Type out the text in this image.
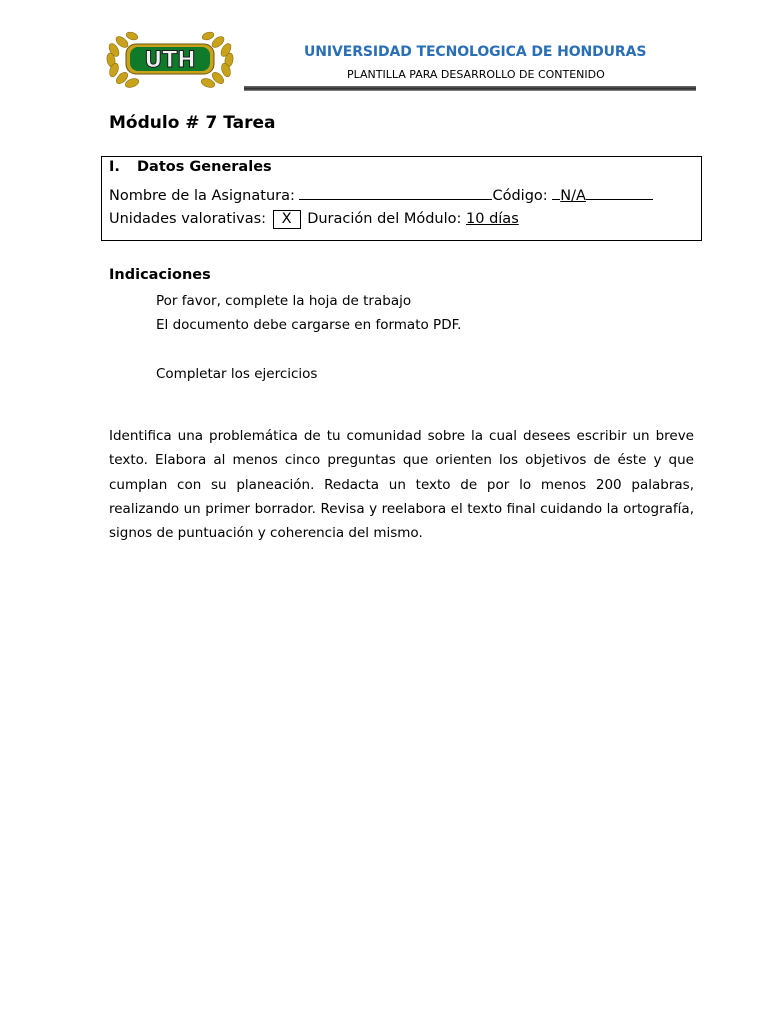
UTH	UNIVERSIDAD TECNOLOGICA DE HONDURAS
PLANTILLA PARA DESARROLLO DE CONTENIDO
Módulo # 7 Tarea
I. Datos Generales
Nombre de la Asignatura:	Código: N/A
Unidades valorativas: X Duración del Módulo: 10 días
Indicaciones
Por favor, complete la hoja de trabajo
El documento debe cargarse en formato PDF.
Completar los ejercicios
Identifica una problemática de tu comunidad sobre la cual desees escribir un breve texto. Elabora al menos cinco preguntas que orienten los objetivos de éste y que cumplan con su planeación. Redacta un texto de por lo menos 200 palabras, realizando un primer borrador. Revisa y reelabora el texto final cuidando la ortografía, signos de puntuación y coherencia del mismo.
